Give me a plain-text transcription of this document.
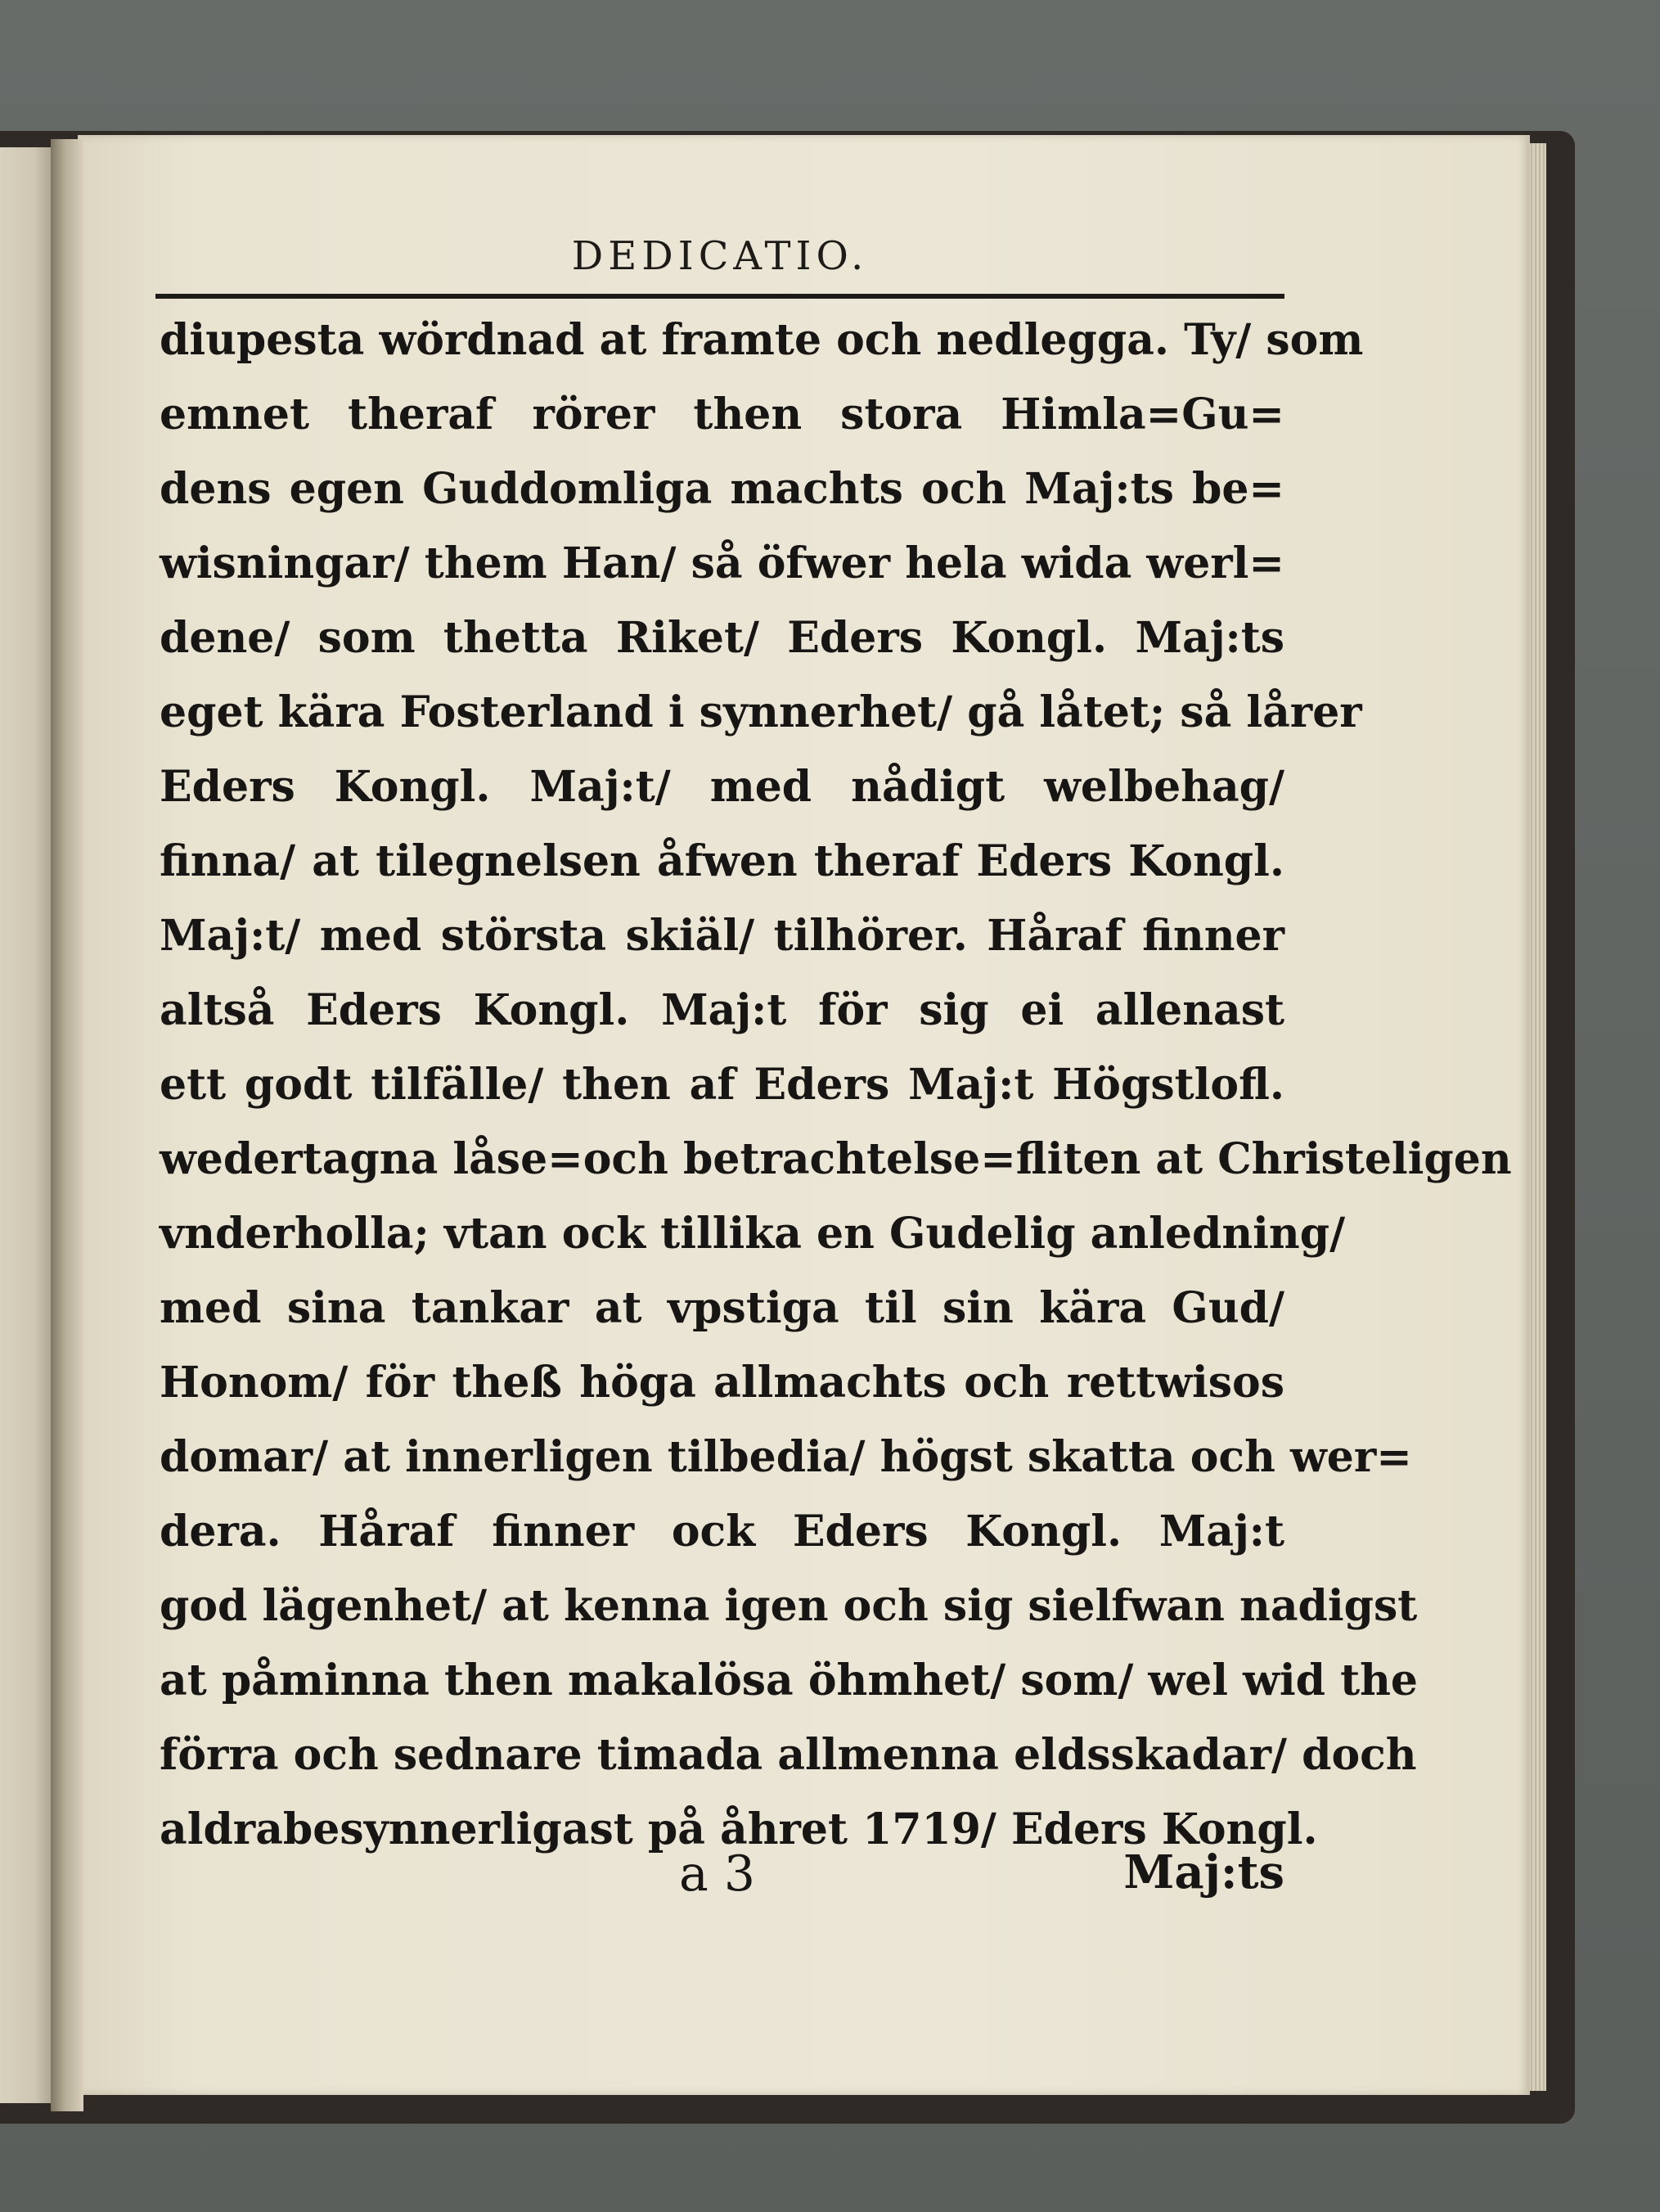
DEDICATIO.
diupesta wördnad at framte och nedlegga. Ty/ som
emnet theraf rörer then stora Himla=Gu=
dens egen Guddomliga machts och Maj:ts be=
wisningar/ them Han/ så öfwer hela wida werl=
dene/ som thetta Riket/ Eders Kongl. Maj:ts
eget kära Fosterland i synnerhet/ gå låtet; så lårer
Eders Kongl. Maj:t/ med nådigt welbehag/
finna/ at tilegnelsen åfwen theraf Eders Kongl.
Maj:t/ med största skiäl/ tilhörer. Håraf finner
altså Eders Kongl. Maj:t för sig ei allenast
ett godt tilfälle/ then af Eders Maj:t Högstlofl.
wedertagna låse=och betrachtelse=fliten at Christeligen
vnderholla; vtan ock tillika en Gudelig anledning/
med sina tankar at vpstiga til sin kära Gud/
Honom/ för theß höga allmachts och rettwisos
domar/ at innerligen tilbedia/ högst skatta och wer=
dera. Håraf finner ock Eders Kongl. Maj:t
god lägenhet/ at kenna igen och sig sielfwan nadigst
at påminna then makalösa öhmhet/ som/ wel wid the
förra och sednare timada allmenna eldsskadar/ doch
aldrabesynnerligast på åhret 1719/ Eders Kongl.
a 3	Maj:ts
